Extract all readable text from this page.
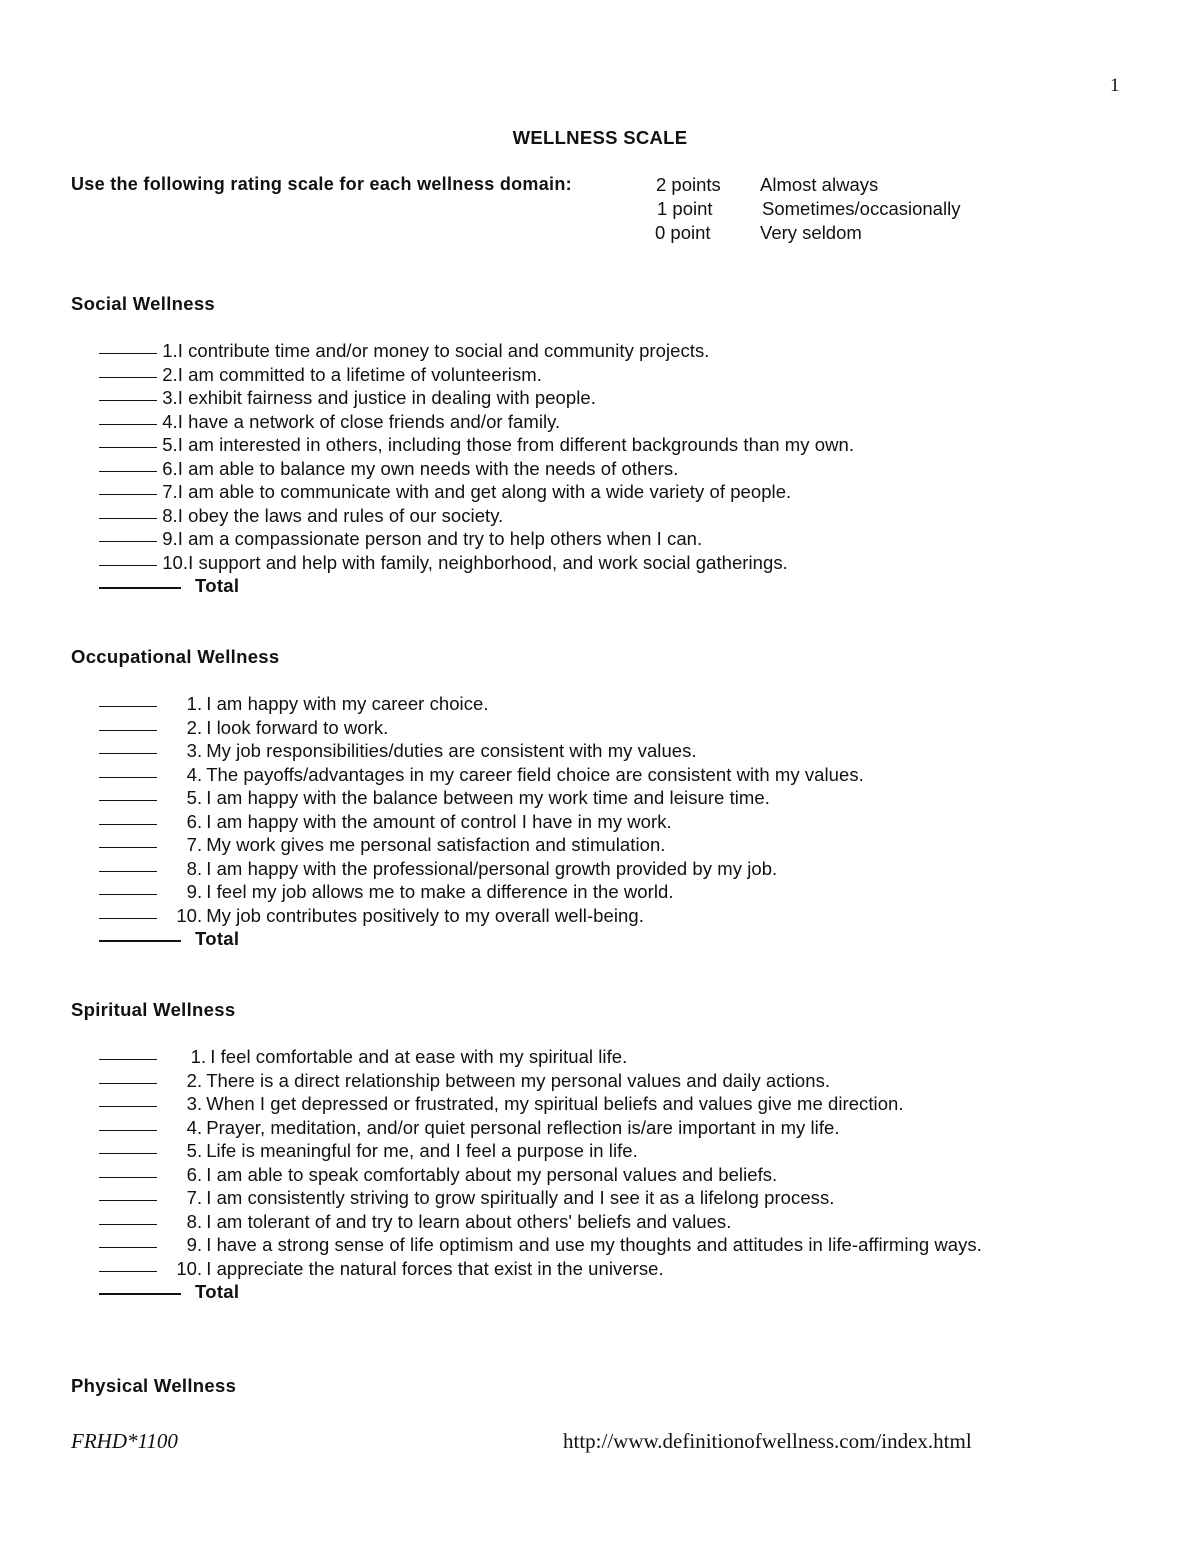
1
WELLNESS SCALE
Use the following rating scale for each wellness domain:	2 points Almost always
1 point	Sometimes/occasionally
0 point	Very seldom
Social Wellness
1.I contribute time and/or money to social and community projects.
2.I am committed to a lifetime of volunteerism.
3.I exhibit fairness and justice in dealing with people.
4.I have a network of close friends and/or family.
5.I am interested in others, including those from different backgrounds than my own.
6.I am able to balance my own needs with the needs of others.
7.I am able to communicate with and get along with a wide variety of people.
8.I obey the laws and rules of our society.
9.I am a compassionate person and try to help others when I can.
10.I support and help with family, neighborhood, and work social gatherings.
Total
Occupational Wellness
1.I am happy with my career choice.
2.I look forward to work.
3.My job responsibilities/duties are consistent with my values.
4.The payoffs/advantages in my career field choice are consistent with my values.
5.I am happy with the balance between my work time and leisure time.
6.I am happy with the amount of control I have in my work.
7.My work gives me personal satisfaction and stimulation.
8.I am happy with the professional/personal growth provided by my job.
9.I feel my job allows me to make a difference in the world.
10.My job contributes positively to my overall well-being.
Total
Spiritual Wellness
1.I feel comfortable and at ease with my spiritual life.
2.There is a direct relationship between my personal values and daily actions.
3.When I get depressed or frustrated, my spiritual beliefs and values give me direction.
4.Prayer, meditation, and/or quiet personal reflection is/are important in my life.
5.Life is meaningful for me, and I feel a purpose in life.
6.I am able to speak comfortably about my personal values and beliefs.
7.I am consistently striving to grow spiritually and I see it as a lifelong process.
8.I am tolerant of and try to learn about others' beliefs and values.
9.I have a strong sense of life optimism and use my thoughts and attitudes in life-affirming ways.
10.I appreciate the natural forces that exist in the universe.
Total
Physical Wellness
FRHD*1100	http://www.definitionofwellness.com/index.html
